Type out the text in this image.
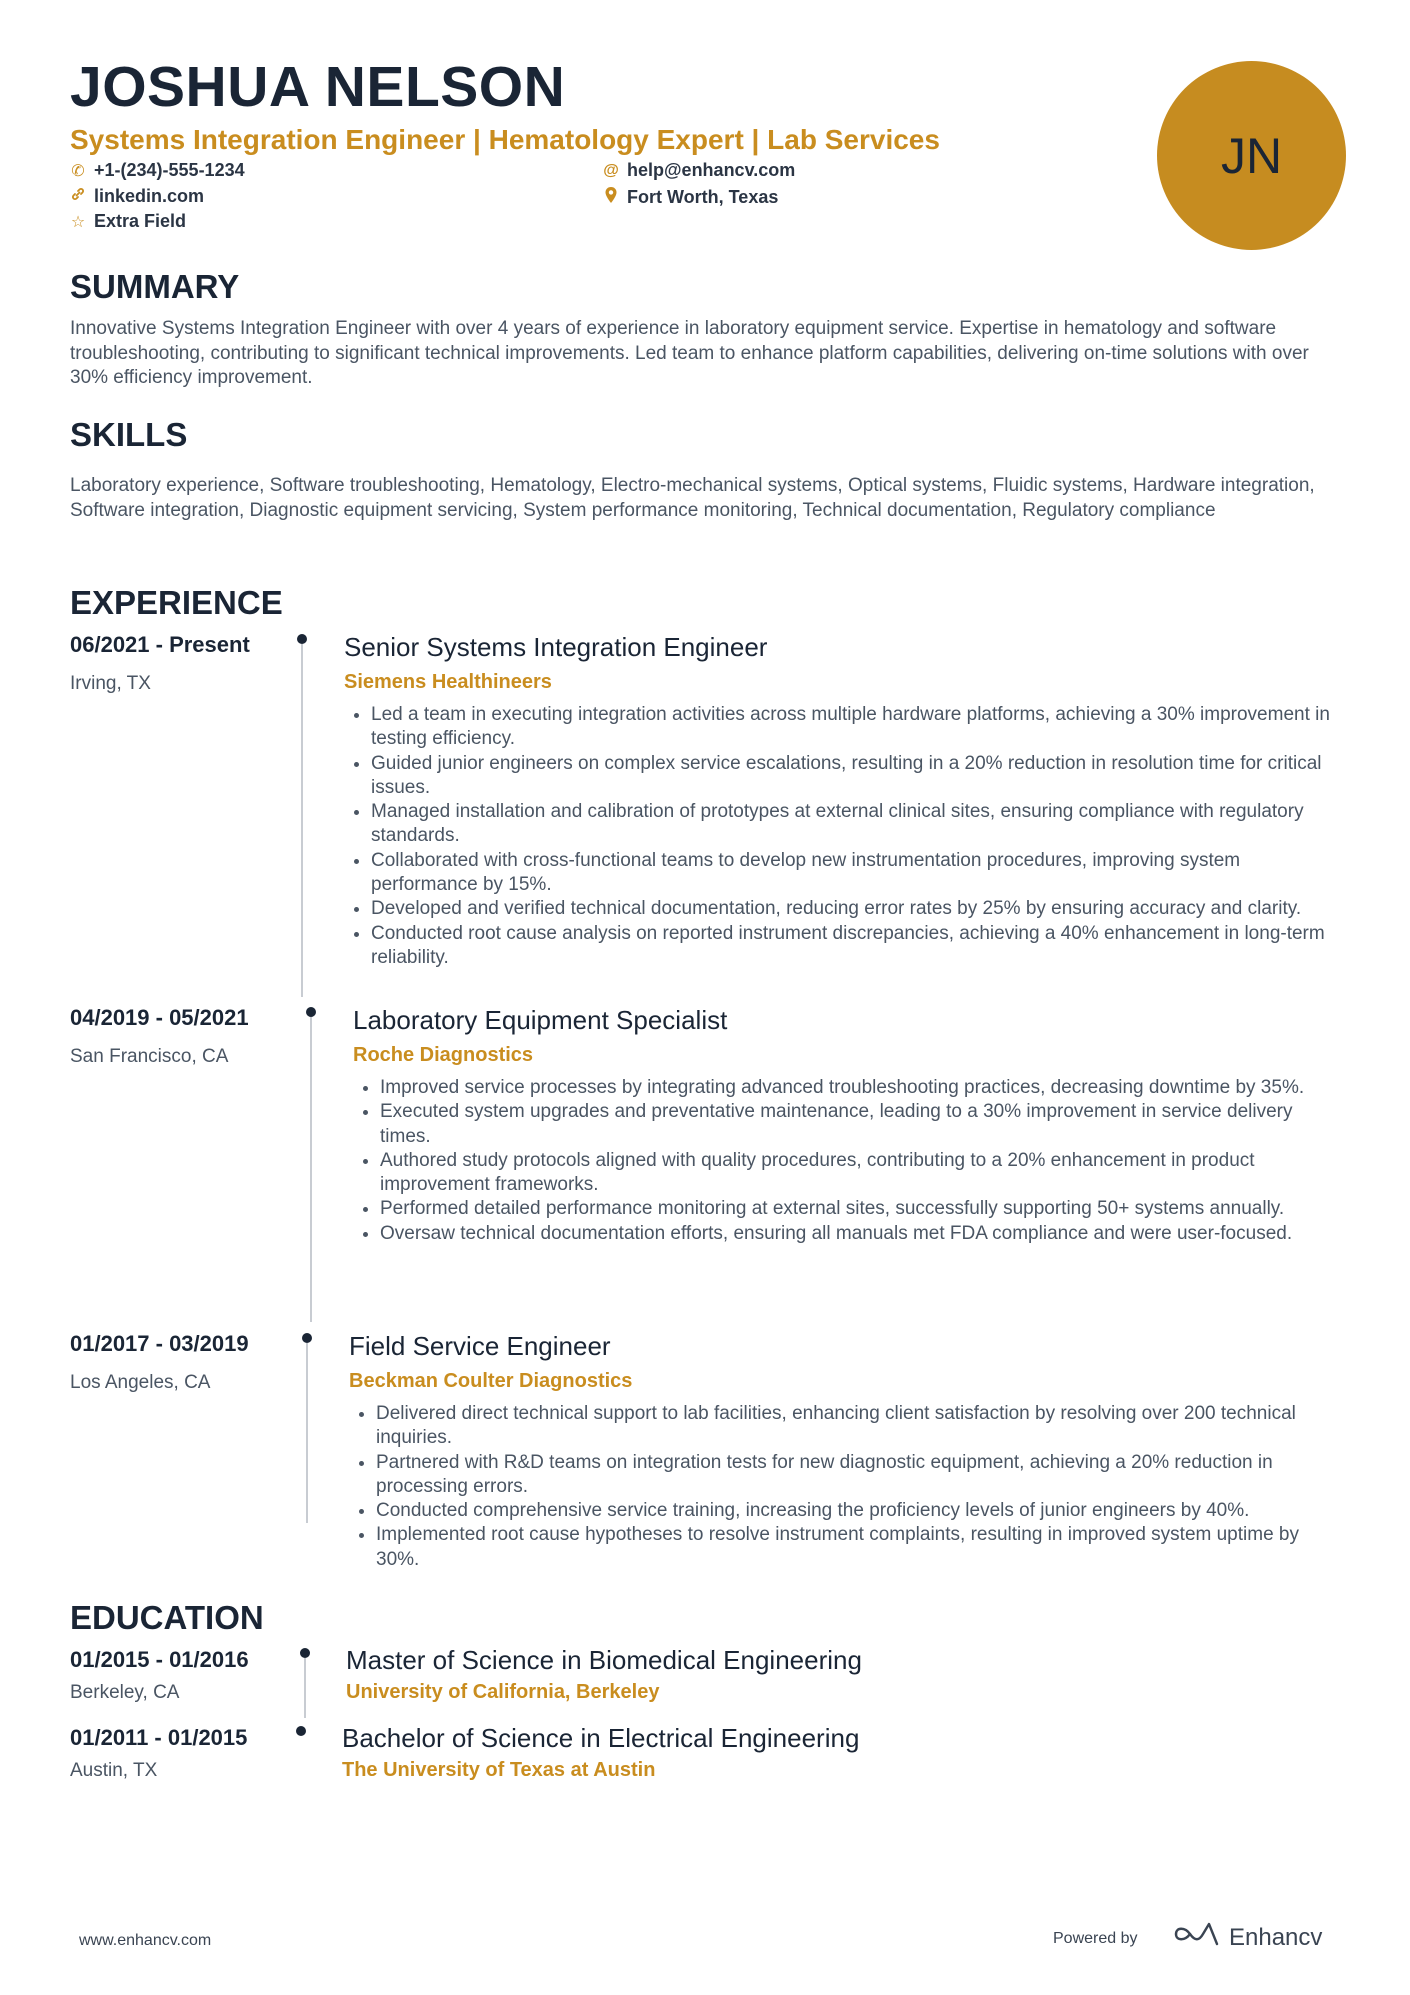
JOSHUA NELSON
Systems Integration Engineer | Hematology Expert | Lab Services
✆ +1-(234)-555-1234	@ help@enhancv.com
linkedin.com	Fort Worth, Texas
☆ Extra Field
JN
SUMMARY
Innovative Systems Integration Engineer with over 4 years of experience in laboratory equipment service. Expertise in hematology and software troubleshooting, contributing to significant technical improvements. Led team to enhance platform capabilities, delivering on-time solutions with over 30% efficiency improvement.
SKILLS
Laboratory experience, Software troubleshooting, Hematology, Electro-mechanical systems, Optical systems, Fluidic systems, Hardware integration, Software integration, Diagnostic equipment servicing, System performance monitoring, Technical documentation, Regulatory compliance
EXPERIENCE
06/2021 - Present
Irving, TX
Senior Systems Integration Engineer
Siemens Healthineers
• Led a team in executing integration activities across multiple hardware platforms, achieving a 30% improvement in testing efficiency.
• Guided junior engineers on complex service escalations, resulting in a 20% reduction in resolution time for critical issues.
• Managed installation and calibration of prototypes at external clinical sites, ensuring compliance with regulatory standards.
• Collaborated with cross-functional teams to develop new instrumentation procedures, improving system performance by 15%.
• Developed and verified technical documentation, reducing error rates by 25% by ensuring accuracy and clarity.
• Conducted root cause analysis on reported instrument discrepancies, achieving a 40% enhancement in long-term reliability.
04/2019 - 05/2021
San Francisco, CA
Laboratory Equipment Specialist
Roche Diagnostics
• Improved service processes by integrating advanced troubleshooting practices, decreasing downtime by 35%.
• Executed system upgrades and preventative maintenance, leading to a 30% improvement in service delivery times.
• Authored study protocols aligned with quality procedures, contributing to a 20% enhancement in product improvement frameworks.
• Performed detailed performance monitoring at external sites, successfully supporting 50+ systems annually.
• Oversaw technical documentation efforts, ensuring all manuals met FDA compliance and were user-focused.
01/2017 - 03/2019
Los Angeles, CA
Field Service Engineer
Beckman Coulter Diagnostics
• Delivered direct technical support to lab facilities, enhancing client satisfaction by resolving over 200 technical inquiries.
• Partnered with R&D teams on integration tests for new diagnostic equipment, achieving a 20% reduction in processing errors.
• Conducted comprehensive service training, increasing the proficiency levels of junior engineers by 40%.
• Implemented root cause hypotheses to resolve instrument complaints, resulting in improved system uptime by 30%.
EDUCATION
01/2015 - 01/2016
Berkeley, CA
Master of Science in Biomedical Engineering
University of California, Berkeley
01/2011 - 01/2015
Austin, TX
Bachelor of Science in Electrical Engineering
The University of Texas at Austin
www.enhancv.com	Powered by	Enhancv
